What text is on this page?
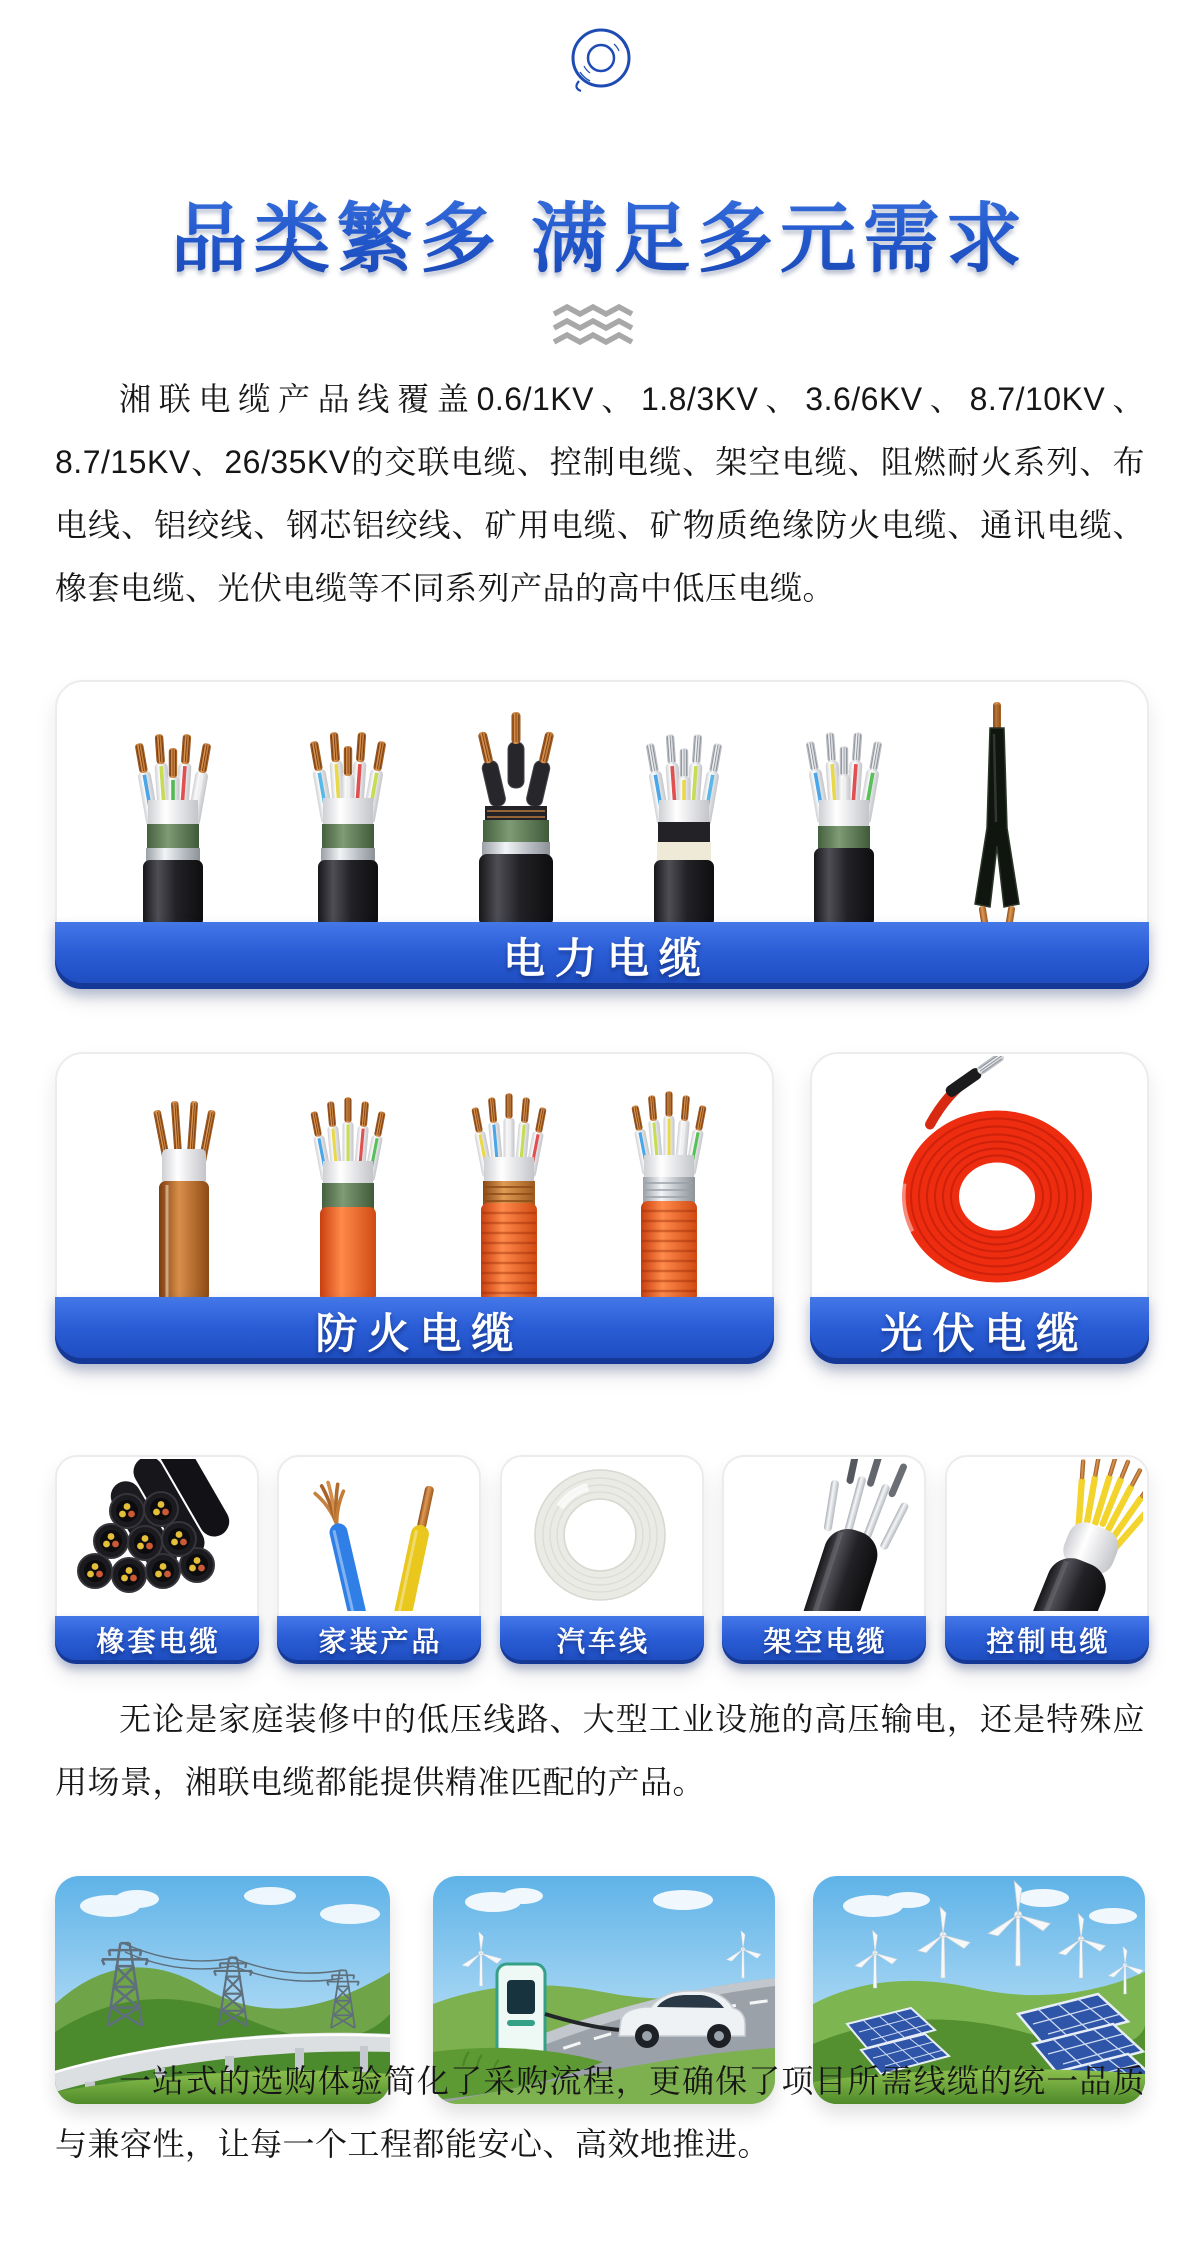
品类繁多 满足多元需求

湘联电缆产品线覆盖0.6/1KV、1.8/3KV、3.6/6KV、8.7/10KV、8.7/15KV、26/35KV的交联电缆、控制电缆、架空电缆、阻燃耐火系列、布电线、铝绞线、钢芯铝绞线、矿用电缆、矿物质绝缘防火电缆、通讯电缆、橡套电缆、光伏电缆等不同系列产品的高中低压电缆。

电力电缆
防火电缆	光伏电缆
橡套电缆	家装产品	汽车线	架空电缆	控制电缆

无论是家庭装修中的低压线路、大型工业设施的高压输电，还是特殊应用场景，湘联电缆都能提供精准匹配的产品。

一站式的选购体验简化了采购流程，更确保了项目所需线缆的统一品质与兼容性，让每一个工程都能安心、高效地推进。
